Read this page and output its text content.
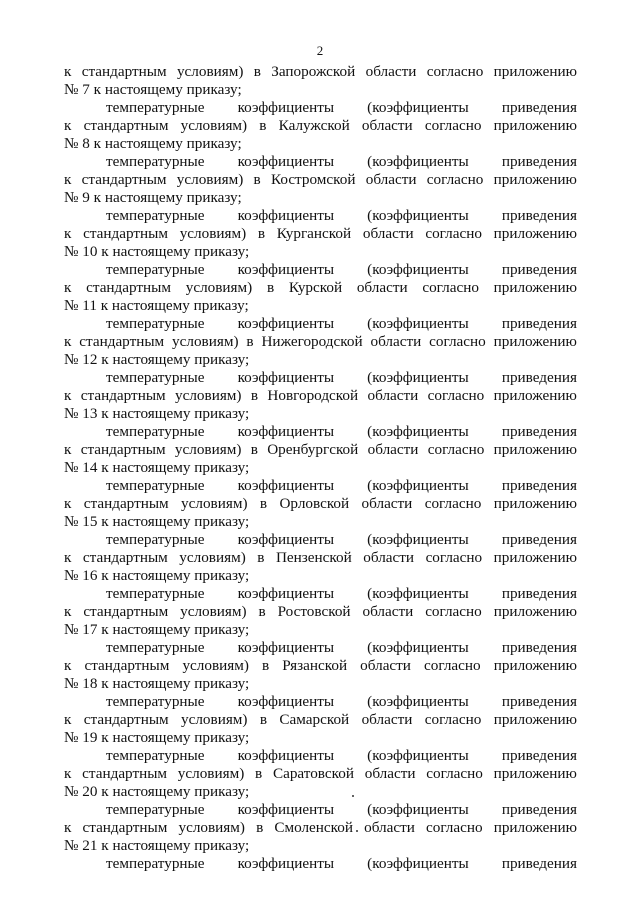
2
к стандартным условиям) в Запорожской области согласно приложению
№ 7 к настоящему приказу;
температурные коэффициенты (коэффициенты приведения
к стандартным условиям) в Калужской области согласно приложению
№ 8 к настоящему приказу;
температурные коэффициенты (коэффициенты приведения
к стандартным условиям) в Костромской области согласно приложению
№ 9 к настоящему приказу;
температурные коэффициенты (коэффициенты приведения
к стандартным условиям) в Курганской области согласно приложению
№ 10 к настоящему приказу;
температурные коэффициенты (коэффициенты приведения
к стандартным условиям) в Курской области согласно приложению
№ 11 к настоящему приказу;
температурные коэффициенты (коэффициенты приведения
к стандартным условиям) в Нижегородской области согласно приложению
№ 12 к настоящему приказу;
температурные коэффициенты (коэффициенты приведения
к стандартным условиям) в Новгородской области согласно приложению
№ 13 к настоящему приказу;
температурные коэффициенты (коэффициенты приведения
к стандартным условиям) в Оренбургской области согласно приложению
№ 14 к настоящему приказу;
температурные коэффициенты (коэффициенты приведения
к стандартным условиям) в Орловской области согласно приложению
№ 15 к настоящему приказу;
температурные коэффициенты (коэффициенты приведения
к стандартным условиям) в Пензенской области согласно приложению
№ 16 к настоящему приказу;
температурные коэффициенты (коэффициенты приведения
к стандартным условиям) в Ростовской области согласно приложению
№ 17 к настоящему приказу;
температурные коэффициенты (коэффициенты приведения
к стандартным условиям) в Рязанской области согласно приложению
№ 18 к настоящему приказу;
температурные коэффициенты (коэффициенты приведения
к стандартным условиям) в Самарской области согласно приложению
№ 19 к настоящему приказу;
температурные коэффициенты (коэффициенты приведения
к стандартным условиям) в Саратовской области согласно приложению
№ 20 к настоящему приказу;
температурные коэффициенты (коэффициенты приведения
к стандартным условиям) в Смоленской области согласно приложению
№ 21 к настоящему приказу;
температурные коэффициенты (коэффициенты приведения
